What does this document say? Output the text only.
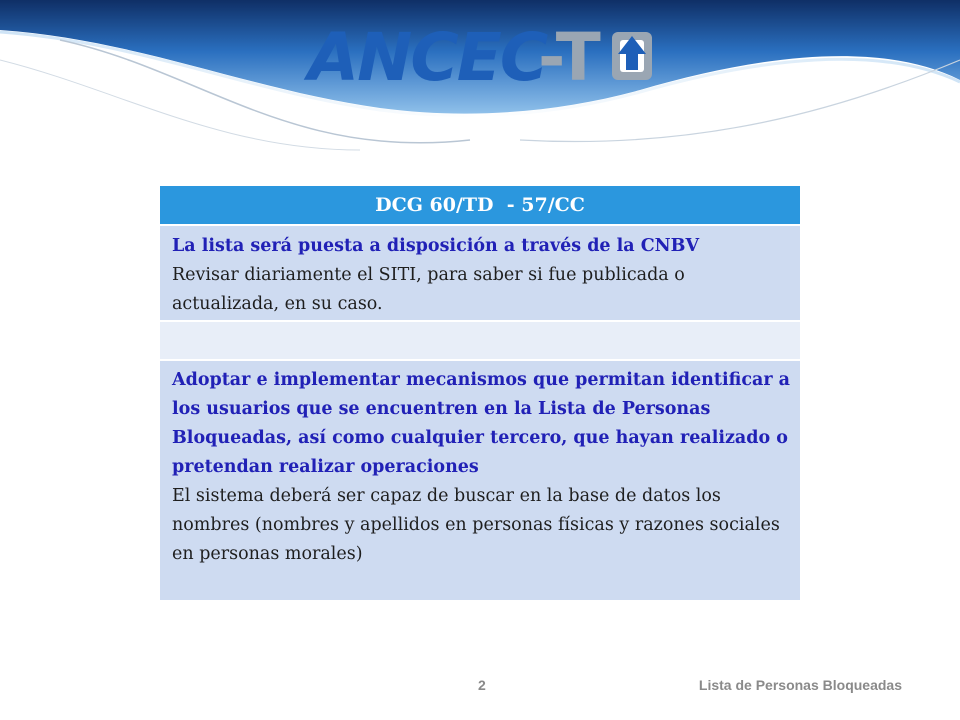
ANCEC
-T
DCG 60/TD  - 57/CC
La lista será puesta a disposición a través de la CNBV
Revisar diariamente el SITI, para saber si fue publicada o actualizada, en su caso.
Adoptar e implementar mecanismos que permitan identificar a los usuarios que se encuentren en la Lista de Personas Bloqueadas, así como cualquier tercero, que hayan realizado o pretendan realizar operaciones
El sistema deberá ser capaz de buscar en la base de datos los nombres (nombres y apellidos en personas físicas y razones sociales en personas morales)
2	Lista de Personas Bloqueadas
